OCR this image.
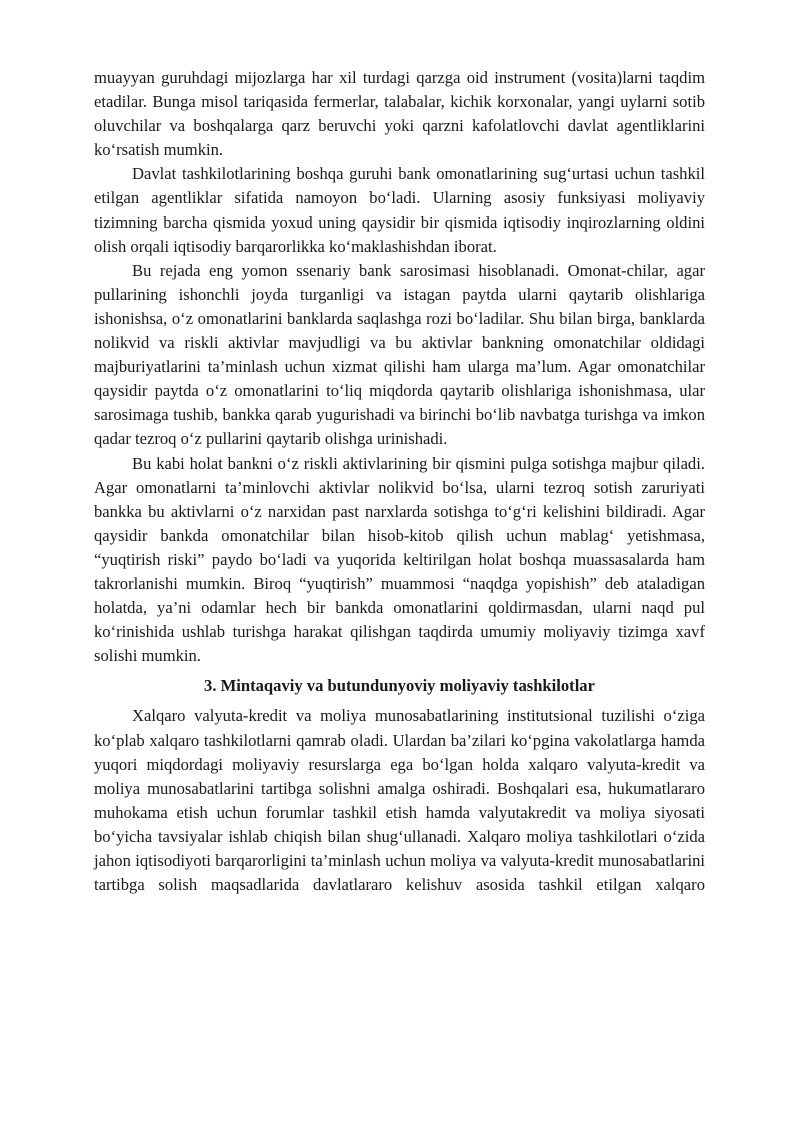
muayyan guruhdagi mijozlarga har xil turdagi qarzga oid instrument (vosita)larni taqdim etadilar. Bunga misol tariqasida fermerlar, talabalar, kichik korxonalar, yangi uylarni sotib oluvchilar va boshqalarga qarz beruvchi yoki qarzni kafolatlovchi davlat agentliklarini ko‘rsatish mumkin.

Davlat tashkilotlarining boshqa guruhi bank omonatlarining sug‘urtasi uchun tashkil etilgan agentliklar sifatida namoyon bo‘ladi. Ularning asosiy funksiyasi moliyaviy tizimning barcha qismida yoxud uning qaysidir bir qismida iqtisodiy inqirozlarning oldini olish orqali iqtisodiy barqarorlikka ko‘maklashishdan iborat.

Bu rejada eng yomon ssenariy bank sarosimasi hisoblanadi. Omonat-chilar, agar pullarining ishonchli joyda turganligi va istagan paytda ularni qaytarib olishlariga ishonishsa, o‘z omonatlarini banklarda saqlashga rozi bo‘ladilar. Shu bilan birga, banklarda nolikvid va riskli aktivlar mavjudligi va bu aktivlar bankning omonatchilar oldidagi majburiyatlarini ta’minlash uchun xizmat qilishi ham ularga ma’lum. Agar omonatchilar qaysidir paytda o‘z omonatlarini to‘liq miqdorda qaytarib olishlariga ishonishmasa, ular sarosimaga tushib, bankka qarab yugurishadi va birinchi bo‘lib navbatga turishga va imkon qadar tezroq o‘z pullarini qaytarib olishga urinishadi.

Bu kabi holat bankni o‘z riskli aktivlarining bir qismini pulga sotishga majbur qiladi. Agar omonatlarni ta’minlovchi aktivlar nolikvid bo‘lsa, ularni tezroq sotish zaruriyati bankka bu aktivlarni o‘z narxidan past narxlarda sotishga to‘g‘ri kelishini bildiradi. Agar qaysidir bankda omonatchilar bilan hisob-kitob qilish uchun mablag‘ yetishmasa, “yuqtirish riski” paydo bo‘ladi va yuqorida keltirilgan holat boshqa muassasalarda ham takrorlanishi mumkin. Biroq “yuqtirish” muammosi “naqdga yopishish” deb ataladigan holatda, ya’ni odamlar hech bir bankda omonatlarini qoldirmasdan, ularni naqd pul ko‘rinishida ushlab turishga harakat qilishgan taqdirda umumiy moliyaviy tizimga xavf solishi mumkin.

3. Mintaqaviy va butundunyoviy moliyaviy tashkilotlar

Xalqaro valyuta-kredit va moliya munosabatlarining institutsional tuzilishi o‘ziga ko‘plab xalqaro tashkilotlarni qamrab oladi. Ulardan ba’zilari ko‘pgina vakolatlarga hamda yuqori miqdordagi moliyaviy resurslarga ega bo‘lgan holda xalqaro valyuta-kredit va moliya munosabatlarini tartibga solishni amalga oshiradi. Boshqalari esa, hukumatlararo muhokama etish uchun forumlar tashkil etish hamda valyutakredit va moliya siyosati bo‘yicha tavsiyalar ishlab chiqish bilan shug‘ullanadi. Xalqaro moliya tashkilotlari o‘zida jahon iqtisodiyoti barqarorligini ta’minlash uchun moliya va valyuta-kredit munosabatlarini tartibga solish maqsadlarida davlatlararo kelishuv asosida tashkil etilgan xalqaro
